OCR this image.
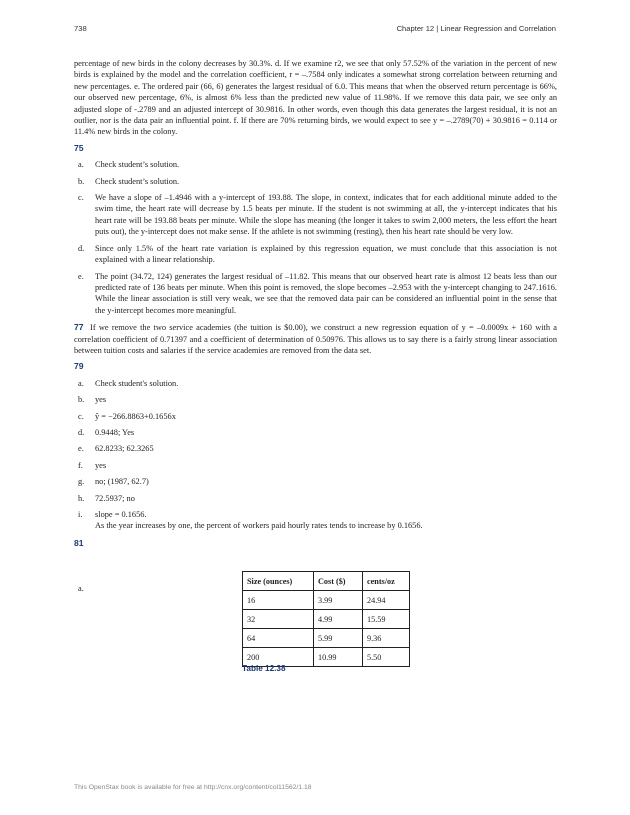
738	Chapter 12 | Linear Regression and Correlation

percentage of new birds in the colony decreases by 30.3%. d. If we examine r2, we see that only 57.52% of the variation in the percent of new birds is explained by the model and the correlation coefficient, r = –.7584 only indicates a somewhat strong correlation between returning and new percentages. e. The ordered pair (66, 6) generates the largest residual of 6.0. This means that when the observed return percentage is 66%, our observed new percentage, 6%, is almost 6% less than the predicted new value of 11.98%. If we remove this data pair, we see only an adjusted slope of -.2789 and an adjusted intercept of 30.9816. In other words, even though this data generates the largest residual, it is not an outlier, nor is the data pair an influential point. f. If there are 70% returning birds, we would expect to see y = –.2789(70) + 30.9816 = 0.114 or 11.4% new birds in the colony.

75
a. Check student’s solution.
b. Check student’s solution.
c. We have a slope of –1.4946 with a y-intercept of 193.88. The slope, in context, indicates that for each additional minute added to the swim time, the heart rate will decrease by 1.5 beats per minute. If the student is not swimming at all, the y-intercept indicates that his heart rate will be 193.88 beats per minute. While the slope has meaning (the longer it takes to swim 2,000 meters, the less effort the heart puts out), the y-intercept does not make sense. If the athlete is not swimming (resting), then his heart rate should be very low.
d. Since only 1.5% of the heart rate variation is explained by this regression equation, we must conclude that this association is not explained with a linear relationship.
e. The point (34.72, 124) generates the largest residual of –11.82. This means that our observed heart rate is almost 12 beats less than our predicted rate of 136 beats per minute. When this point is removed, the slope becomes –2.953 with the y-intercept changing to 247.1616. While the linear association is still very weak, we see that the removed data pair can be considered an influential point in the sense that the y-intercept becomes more meaningful.

77 If we remove the two service academies (the tuition is $0.00), we construct a new regression equation of y = –0.0009x + 160 with a correlation coefficient of 0.71397 and a coefficient of determination of 0.50976. This allows us to say there is a fairly strong linear association between tuition costs and salaries if the service academies are removed from the data set.

79
a. Check student's solution.
b. yes
c. ŷ = −266.8863+0.1656x
d. 0.9448; Yes
e. 62.8233; 62.3265
f. yes
g. no; (1987, 62.7)
h. 72.5937; no
i. slope = 0.1656.
As the year increases by one, the percent of workers paid hourly rates tends to increase by 0.1656.
81
a.
Size (ounces)	Cost ($)	cents/oz
16	3.99	24.94
32	4.99	15.59
64	5.99	9.36
200	10.99	5.50
Table 12.38
This OpenStax book is available for free at http://cnx.org/content/col11562/1.18
